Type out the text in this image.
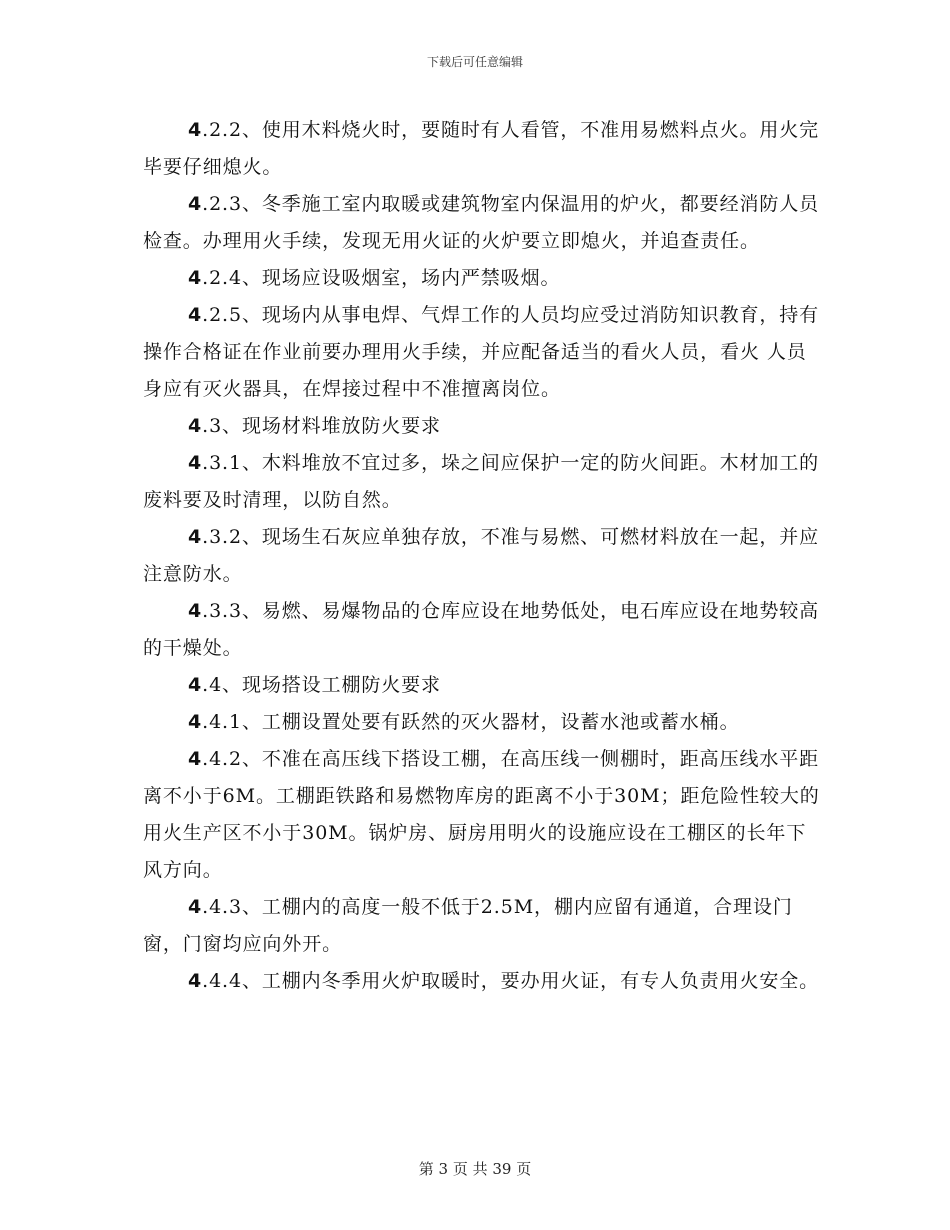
下载后可任意编辑

4.2.2、使用木料烧火时，要随时有人看管，不准用易燃料点火。用火完毕要仔细熄火。

4.2.3、冬季施工室内取暖或建筑物室内保温用的炉火，都要经消防人员检查。办理用火手续，发现无用火证的火炉要立即熄火，并追查责任。

4.2.4、现场应设吸烟室，场内严禁吸烟。

4.2.5、现场内从事电焊、气焊工作的人员均应受过消防知识教育，持有操作合格证在作业前要办理用火手续，并应配备适当的看火人员，看火 人员身应有灭火器具，在焊接过程中不准擅离岗位。

4.3、现场材料堆放防火要求

4.3.1、木料堆放不宜过多，垛之间应保护一定的防火间距。木材加工的废料要及时清理，以防自然。

4.3.2、现场生石灰应单独存放，不准与易燃、可燃材料放在一起，并应注意防水。

4.3.3、易燃、易爆物品的仓库应设在地势低处，电石库应设在地势较高的干燥处。

4.4、现场搭设工棚防火要求

4.4.1、工棚设置处要有跃然的灭火器材，设蓄水池或蓄水桶。

4.4.2、不准在高压线下搭设工棚，在高压线一侧棚时，距高压线水平距离不小于6M。工棚距铁路和易燃物库房的距离不小于30M；距危险性较大的用火生产区不小于30M。锅炉房、厨房用明火的设施应设在工棚区的长年下风方向。

4.4.3、工棚内的高度一般不低于2.5M，棚内应留有通道，合理设门窗，门窗均应向外开。

4.4.4、工棚内冬季用火炉取暖时，要办用火证，有专人负责用火安全。

第 3 页 共 39 页
